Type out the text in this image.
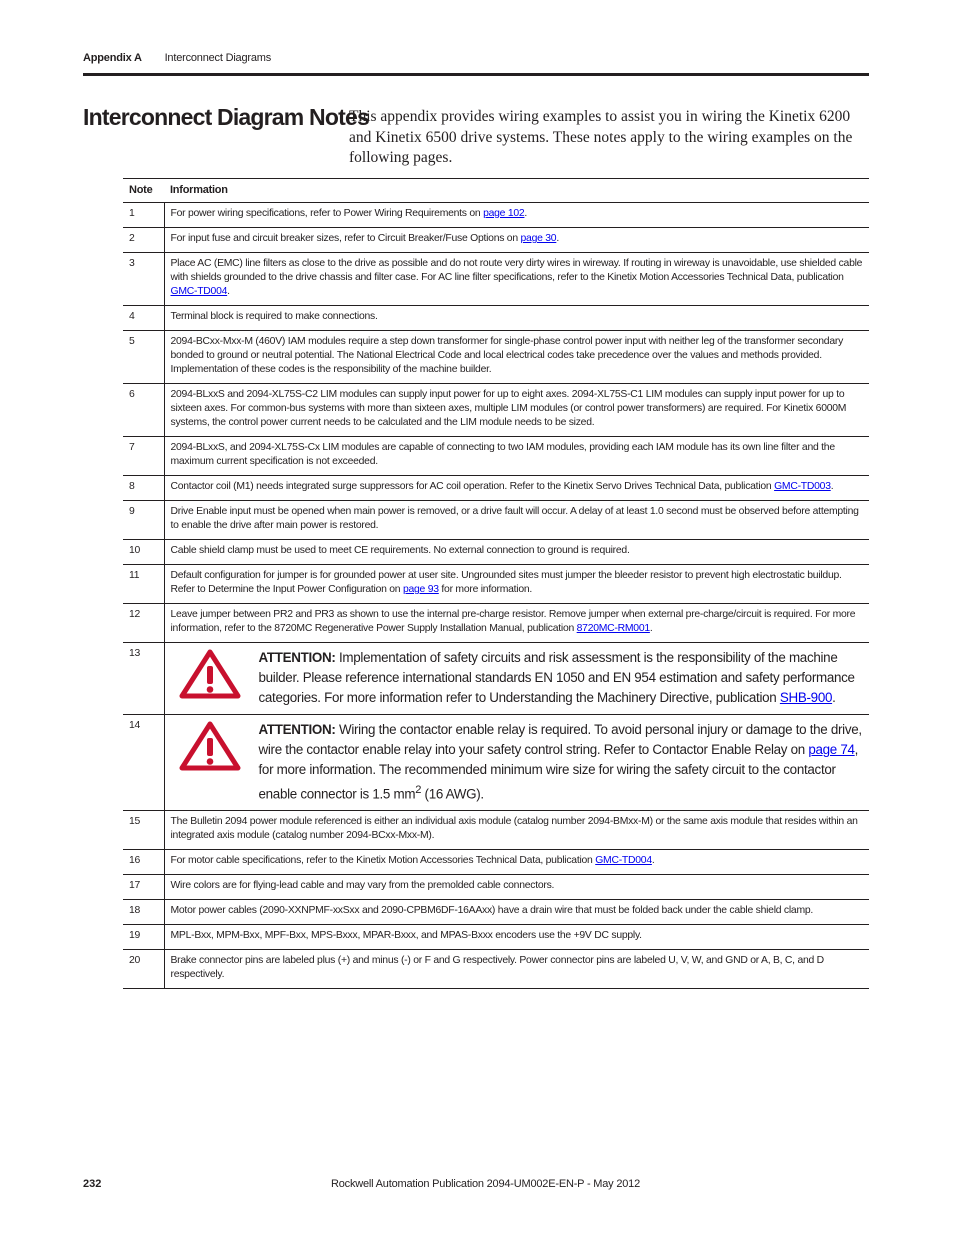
Appendix A Interconnect Diagrams
Interconnect Diagram Notes
This appendix provides wiring examples to assist you in wiring the Kinetix 6200 and Kinetix 6500 drive systems. These notes apply to the wiring examples on the following pages.
Note	Information
1	For power wiring specifications, refer to Power Wiring Requirements on page 102.
2	For input fuse and circuit breaker sizes, refer to Circuit Breaker/Fuse Options on page 30.
3	Place AC (EMC) line filters as close to the drive as possible and do not route very dirty wires in wireway. If routing in wireway is unavoidable, use shielded cable with shields grounded to the drive chassis and filter case. For AC line filter specifications, refer to the Kinetix Motion Accessories Technical Data, publication GMC-TD004.
4	Terminal block is required to make connections.
5	2094-BCxx-Mxx-M (460V) IAM modules require a step down transformer for single-phase control power input with neither leg of the transformer secondary bonded to ground or neutral potential. The National Electrical Code and local electrical codes take precedence over the values and methods provided. Implementation of these codes is the responsibility of the machine builder.
6	2094-BLxxS and 2094-XL75S-C2 LIM modules can supply input power for up to eight axes. 2094-XL75S-C1 LIM modules can supply input power for up to sixteen axes. For common-bus systems with more than sixteen axes, multiple LIM modules (or control power transformers) are required. For Kinetix 6000M systems, the control power current needs to be calculated and the LIM module needs to be sized.
7	2094-BLxxS, and 2094-XL75S-Cx LIM modules are capable of connecting to two IAM modules, providing each IAM module has its own line filter and the maximum current specification is not exceeded.
8	Contactor coil (M1) needs integrated surge suppressors for AC coil operation. Refer to the Kinetix Servo Drives Technical Data, publication GMC-TD003.
9	Drive Enable input must be opened when main power is removed, or a drive fault will occur. A delay of at least 1.0 second must be observed before attempting to enable the drive after main power is restored.
10	Cable shield clamp must be used to meet CE requirements. No external connection to ground is required.
11	Default configuration for jumper is for grounded power at user site. Ungrounded sites must jumper the bleeder resistor to prevent high electrostatic buildup. Refer to Determine the Input Power Configuration on page 93 for more information.
12	Leave jumper between PR2 and PR3 as shown to use the internal pre-charge resistor. Remove jumper when external pre-charge/circuit is required. For more information, refer to the 8720MC Regenerative Power Supply Installation Manual, publication 8720MC-RM001.
13	ATTENTION: Implementation of safety circuits and risk assessment is the responsibility of the machine builder. Please reference international standards EN 1050 and EN 954 estimation and safety performance categories. For more information refer to Understanding the Machinery Directive, publication SHB-900.

14	ATTENTION: Wiring the contactor enable relay is required. To avoid personal injury or damage to the drive, wire the contactor enable relay into your safety control string. Refer to Contactor Enable Relay on page 74, for more information. The recommended minimum wire size for wiring the safety circuit to the contactor enable connector is 1.5 $mm^2$ (16 AWG).

15	The Bulletin 2094 power module referenced is either an individual axis module (catalog number 2094-BMxx-M) or the same axis module that resides within an integrated axis module (catalog number 2094-BCxx-Mxx-M).
16	For motor cable specifications, refer to the Kinetix Motion Accessories Technical Data, publication GMC-TD004.
17	Wire colors are for flying-lead cable and may vary from the premolded cable connectors.
18	Motor power cables (2090-XXNPMF-xxSxx and 2090-CPBM6DF-16AAxx) have a drain wire that must be folded back under the cable shield clamp.
19	MPL-Bxx, MPM-Bxx, MPF-Bxx, MPS-Bxxx, MPAR-Bxxx, and MPAS-Bxxx encoders use the +9V DC supply.
20	Brake connector pins are labeled plus (+) and minus (-) or F and G respectively. Power connector pins are labeled U, V, W, and GND or A, B, C, and D respectively.
232	Rockwell Automation Publication 2094-UM002E-EN-P - May 2012
